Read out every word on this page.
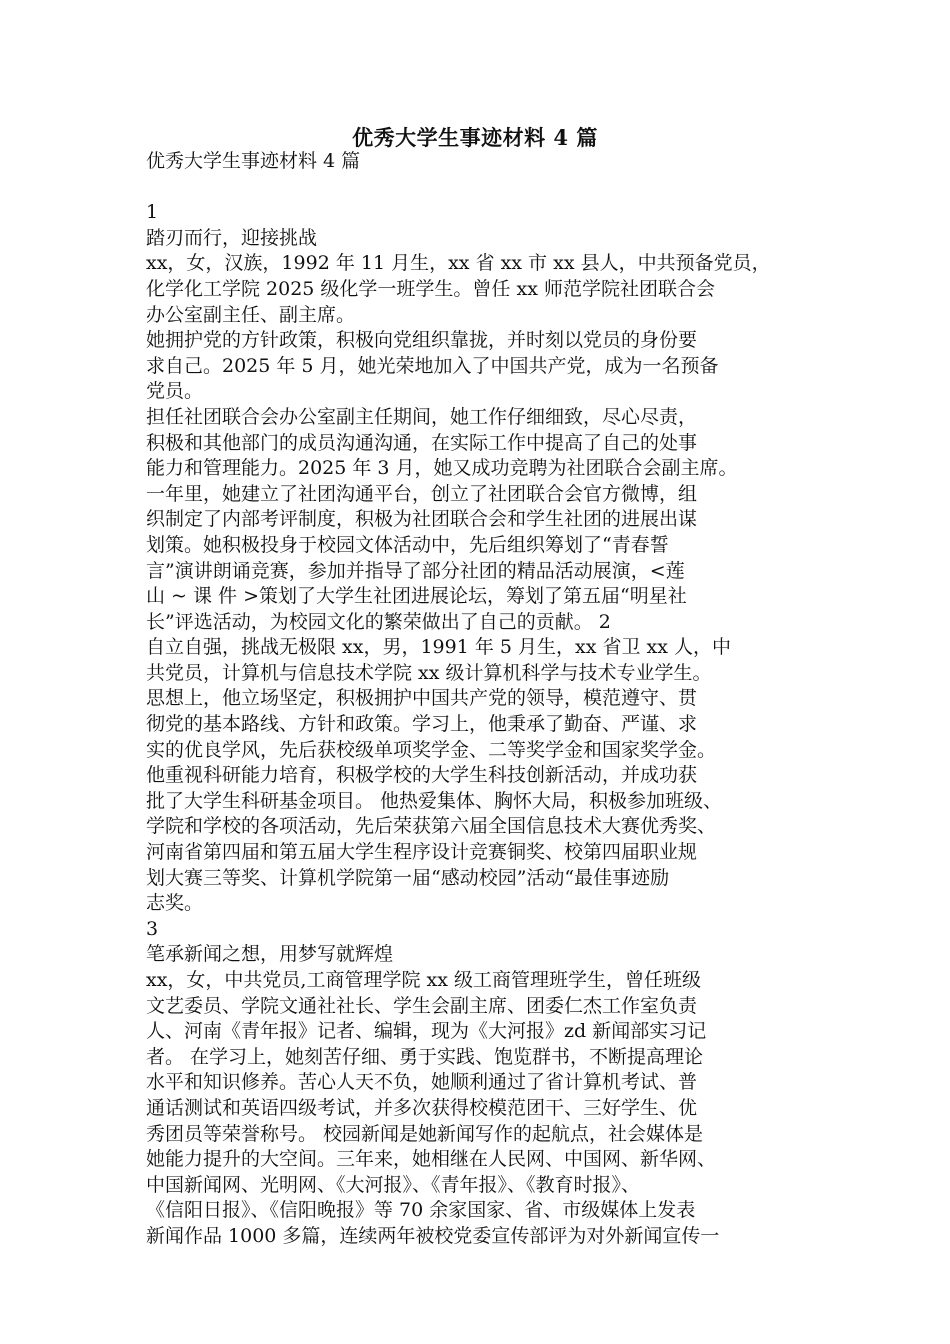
优秀大学生事迹材料 4 篇
优秀大学生事迹材料 4 篇
1
踏刃而行，迎接挑战
xx，女，汉族，1992 年 11 月生，xx 省 xx 市 xx 县人，中共预备党员，
化学化工学院 2025 级化学一班学生。曾任 xx 师范学院社团联合会
办公室副主任、副主席。
她拥护党的方针政策，积极向党组织靠拢，并时刻以党员的身份要
求自己。2025 年 5 月，她光荣地加入了中国共产党，成为一名预备
党员。
担任社团联合会办公室副主任期间，她工作仔细细致，尽心尽责，
积极和其他部门的成员沟通沟通，在实际工作中提高了自己的处事
能力和管理能力。2025 年 3 月，她又成功竞聘为社团联合会副主席。
一年里，她建立了社团沟通平台，创立了社团联合会官方微博，组
织制定了内部考评制度，积极为社团联合会和学生社团的进展出谋
划策。她积极投身于校园文体活动中，先后组织筹划了“青春誓
言”演讲朗诵竞赛，参加并指导了部分社团的精品活动展演，<莲
山 ~ 课 件 >策划了大学生社团进展论坛，筹划了第五届“明星社
长”评选活动，为校园文化的繁荣做出了自己的贡献。 2
自立自强，挑战无极限 xx，男，1991 年 5 月生，xx 省卫 xx 人，中
共党员，计算机与信息技术学院 xx 级计算机科学与技术专业学生。
思想上，他立场坚定，积极拥护中国共产党的领导，模范遵守、贯
彻党的基本路线、方针和政策。学习上，他秉承了勤奋、严谨、求
实的优良学风，先后获校级单项奖学金、二等奖学金和国家奖学金。
他重视科研能力培育，积极学校的大学生科技创新活动，并成功获
批了大学生科研基金项目。 他热爱集体、胸怀大局，积极参加班级、
学院和学校的各项活动，先后荣获第六届全国信息技术大赛优秀奖、
河南省第四届和第五届大学生程序设计竞赛铜奖、校第四届职业规
划大赛三等奖、计算机学院第一届“感动校园”活动“最佳事迹励
志奖。
3
笔承新闻之想，用梦写就辉煌
xx，女，中共党员,工商管理学院 xx 级工商管理班学生，曾任班级
文艺委员、学院文通社社长、学生会副主席、团委仁杰工作室负责
人、河南《青年报》记者、编辑，现为《大河报》zd 新闻部实习记
者。 在学习上，她刻苦仔细、勇于实践、饱览群书，不断提高理论
水平和知识修养。苦心人天不负，她顺利通过了省计算机考试、普
通话测试和英语四级考试，并多次获得校模范团干、三好学生、优
秀团员等荣誉称号。 校园新闻是她新闻写作的起航点，社会媒体是
她能力提升的大空间。三年来，她相继在人民网、中国网、新华网、
中国新闻网、光明网、《大河报》、《青年报》、《教育时报》、
《信阳日报》、《信阳晚报》等 70 余家国家、省、市级媒体上发表
新闻作品 1000 多篇，连续两年被校党委宣传部评为对外新闻宣传一
